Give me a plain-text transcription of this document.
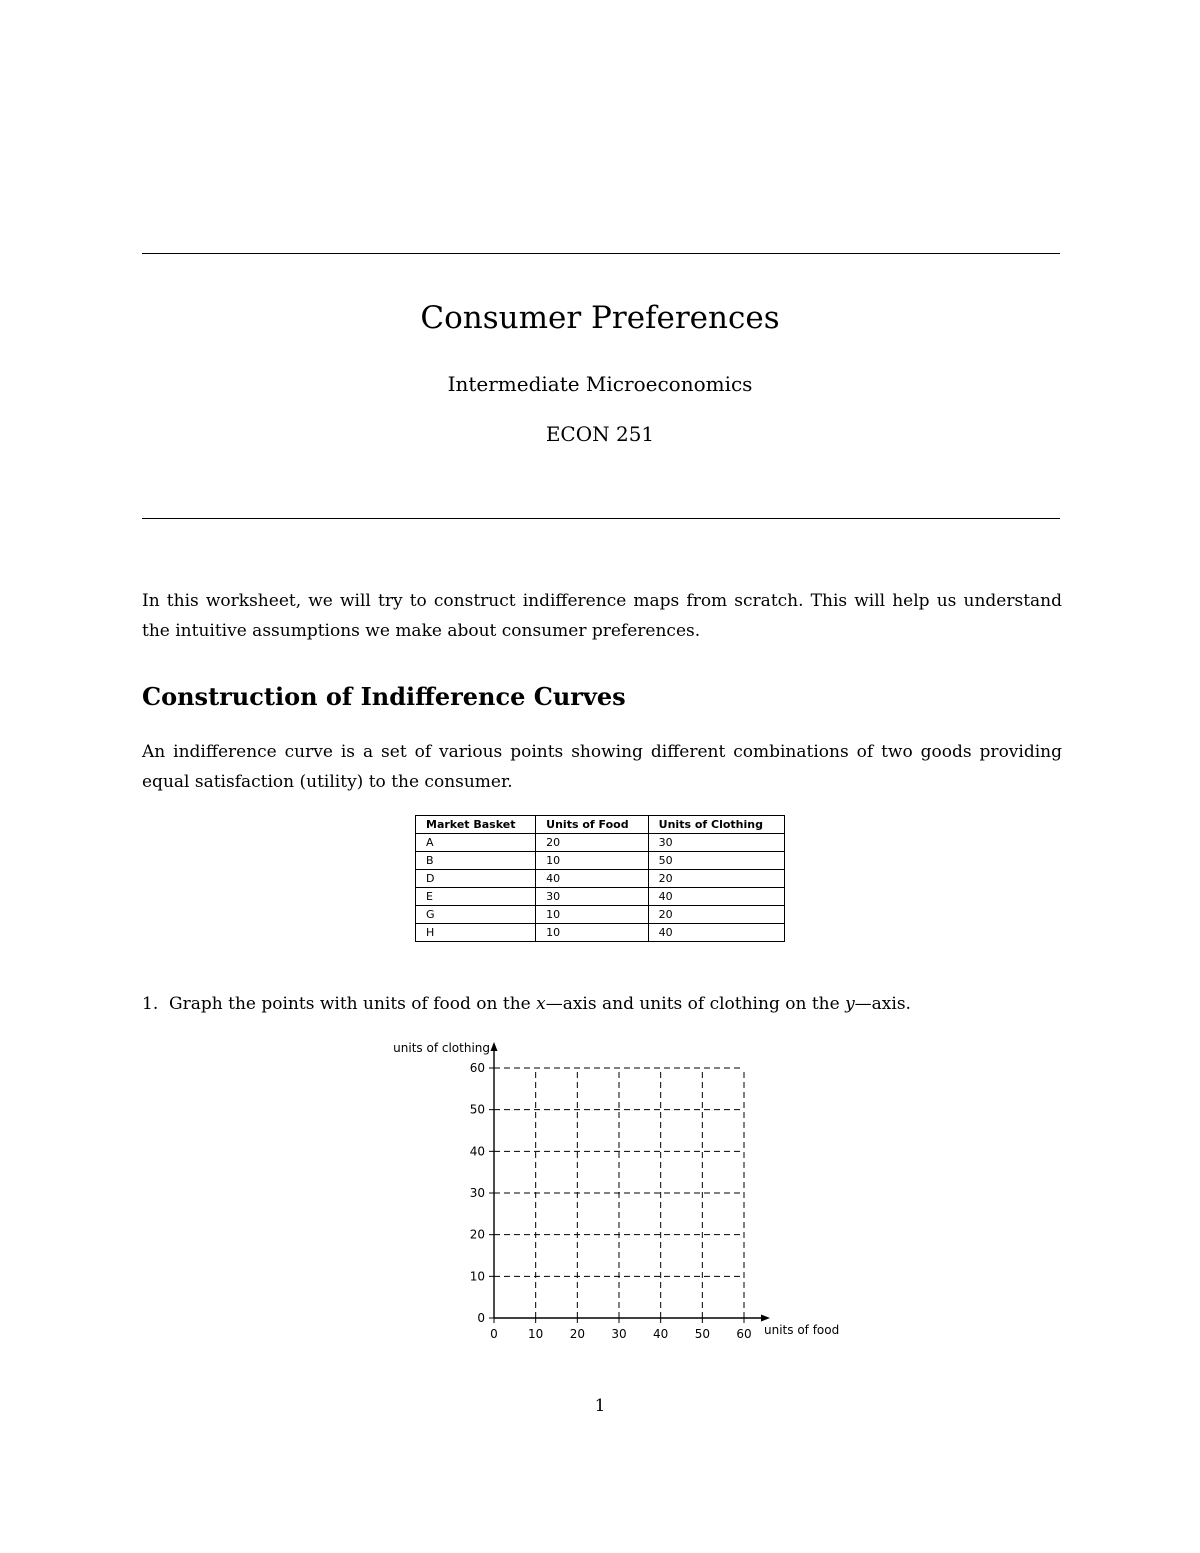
Consumer Preferences
Intermediate Microeconomics
ECON 251

In this worksheet, we will try to construct indifference maps from scratch. This will help us understand the intuitive assumptions we make about consumer preferences.

Construction of Indifference Curves

An indifference curve is a set of various points showing different combinations of two goods providing equal satisfaction (utility) to the consumer.

Market Basket	Units of Food	Units of Clothing
A	20	30
B	10	50
D	40	20
E	30	40
G	10	20
H	10	40

1. Graph the points with units of food on the x—axis and units of clothing on the y—axis.

0	10 20 30 40 50 60
0
10
20
30
40
50
60
units of food
units of clothing
1
